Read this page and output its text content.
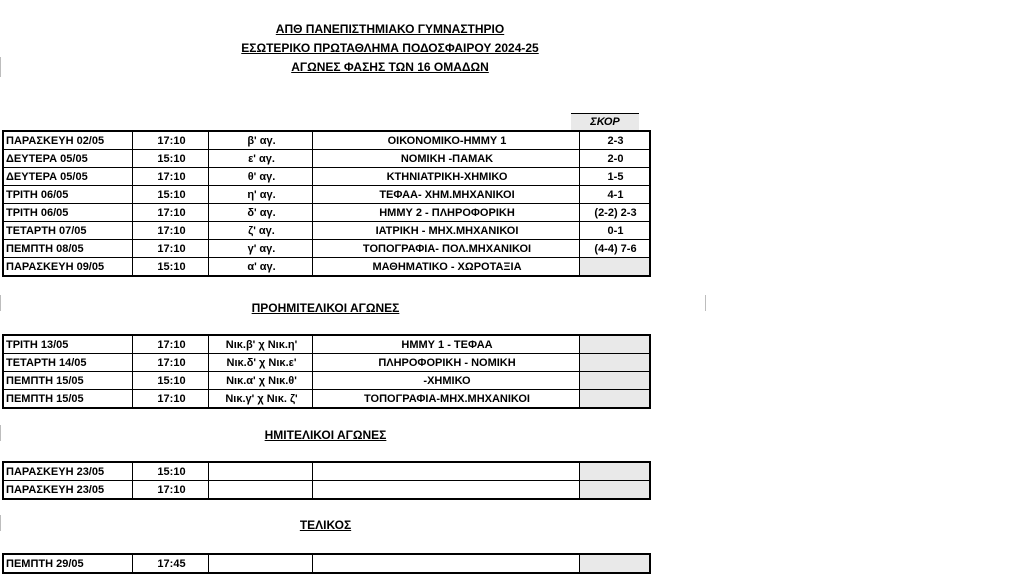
ΑΠΘ ΠΑΝΕΠΙΣΤΗΜΙΑΚΟ ΓΥΜΝΑΣΤΗΡΙΟ
ΕΣΩΤΕΡΙΚΟ ΠΡΩΤΑΘΛΗΜΑ ΠΟΔΟΣΦΑΙΡΟΥ 2024-25
ΑΓΩΝΕΣ ΦΑΣΗΣ ΤΩΝ 16 ΟΜΑΔΩΝ
ΣΚΟΡ
ΠΑΡΑΣΚΕΥΗ 02/05	17:10	β' αγ.	ΟΙΚΟΝΟΜΙΚΟ-ΗΜΜΥ 1	2-3
ΔΕΥΤΕΡΑ 05/05	15:10	ε' αγ.	ΝΟΜΙΚΗ -ΠΑΜΑΚ	2-0
ΔΕΥΤΕΡΑ 05/05	17:10	θ' αγ.	ΚΤΗΝΙΑΤΡΙΚΗ-ΧΗΜΙΚΟ	1-5
ΤΡΙΤΗ 06/05	15:10	η' αγ.	ΤΕΦΑΑ- ΧΗΜ.ΜΗΧΑΝΙΚΟΙ	4-1
ΤΡΙΤΗ 06/05	17:10	δ' αγ.	ΗΜΜΥ 2 - ΠΛΗΡΟΦΟΡΙΚΗ	(2-2) 2-3
ΤΕΤΑΡΤΗ 07/05	17:10	ζ' αγ.	ΙΑΤΡΙΚΗ - ΜΗΧ.ΜΗΧΑΝΙΚΟΙ	0-1
ΠΕΜΠΤΗ 08/05	17:10	γ' αγ.	ΤΟΠΟΓΡΑΦΙΑ- ΠΟΛ.ΜΗΧΑΝΙΚΟΙ	(4-4) 7-6
ΠΑΡΑΣΚΕΥΗ 09/05	15:10	α' αγ.	ΜΑΘΗΜΑΤΙΚΟ - ΧΩΡΟΤΑΞΙΑ	
ΠΡΟΗΜΙΤΕΛΙΚΟΙ ΑΓΩΝΕΣ
ΤΡΙΤΗ 13/05	17:10	Νικ.β' χ Νικ.η'	ΗΜΜΥ 1 - ΤΕΦΑΑ	
ΤΕΤΑΡΤΗ 14/05	17:10	Νικ.δ' χ Νικ.ε'	ΠΛΗΡΟΦΟΡΙΚΗ - ΝΟΜΙΚΗ	
ΠΕΜΠΤΗ 15/05	15:10	Νικ.α' χ Νικ.θ'	-ΧΗΜΙΚΟ	
ΠΕΜΠΤΗ 15/05	17:10	Νικ.γ' χ Νικ. ζ'	ΤΟΠΟΓΡΑΦΙΑ-ΜΗΧ.ΜΗΧΑΝΙΚΟΙ	
ΗΜΙΤΕΛΙΚΟΙ ΑΓΩΝΕΣ
ΠΑΡΑΣΚΕΥΗ 23/05	15:10			
ΠΑΡΑΣΚΕΥΗ 23/05	17:10			
ΤΕΛΙΚΟΣ
ΠΕΜΠΤΗ 29/05	17:45			
